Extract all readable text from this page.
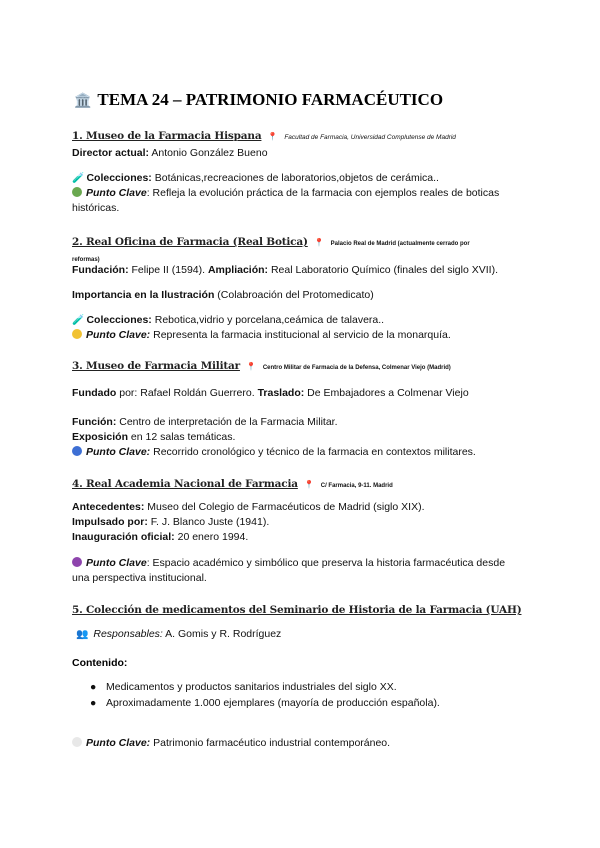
🏛️ TEMA 24 – PATRIMONIO FARMACÉUTICO
1. Museo de la Farmacia Hispana 📍 Facultad de Farmacia, Universidad Complutense de Madrid
Director actual: Antonio González Bueno
🧪 Colecciones: Botánicas,recreaciones de laboratorios,objetos de cerámica..
Punto Clave: Refleja la evolución práctica de la farmacia con ejemplos reales de boticas históricas.
2. Real Oficina de Farmacia (Real Botica) 📍 Palacio Real de Madrid (actualmente cerrado por
reformas)
Fundación: Felipe II (1594). Ampliación: Real Laboratorio Químico (finales del siglo XVII).
Importancia en la Ilustración (Colabroación del Protomedicato)
🧪 Colecciones: Rebotica,vidrio y porcelana,ceámica de talavera..
Punto Clave: Representa la farmacia institucional al servicio de la monarquía.
3. Museo de Farmacia Militar 📍 Centro Militar de Farmacia de la Defensa, Colmenar Viejo (Madrid)
Fundado por: Rafael Roldán Guerrero. Traslado: De Embajadores a Colmenar Viejo
Función: Centro de interpretación de la Farmacia Militar.
Exposición en 12 salas temáticas.
Punto Clave: Recorrido cronológico y técnico de la farmacia en contextos militares.
4. Real Academia Nacional de Farmacia 📍 C/ Farmacia, 9-11. Madrid
Antecedentes: Museo del Colegio de Farmacéuticos de Madrid (siglo XIX).
Impulsado por: F. J. Blanco Juste (1941).
Inauguración oficial: 20 enero 1994.
Punto Clave: Espacio académico y simbólico que preserva la historia farmacéutica desde una perspectiva institucional.
5. Colección de medicamentos del Seminario de Historia de la Farmacia (UAH)
👥 Responsables: A. Gomis y R. Rodríguez
Contenido:
● Medicamentos y productos sanitarios industriales del siglo XX.
● Aproximadamente 1.000 ejemplares (mayoría de producción española).
Punto Clave: Patrimonio farmacéutico industrial contemporáneo.
